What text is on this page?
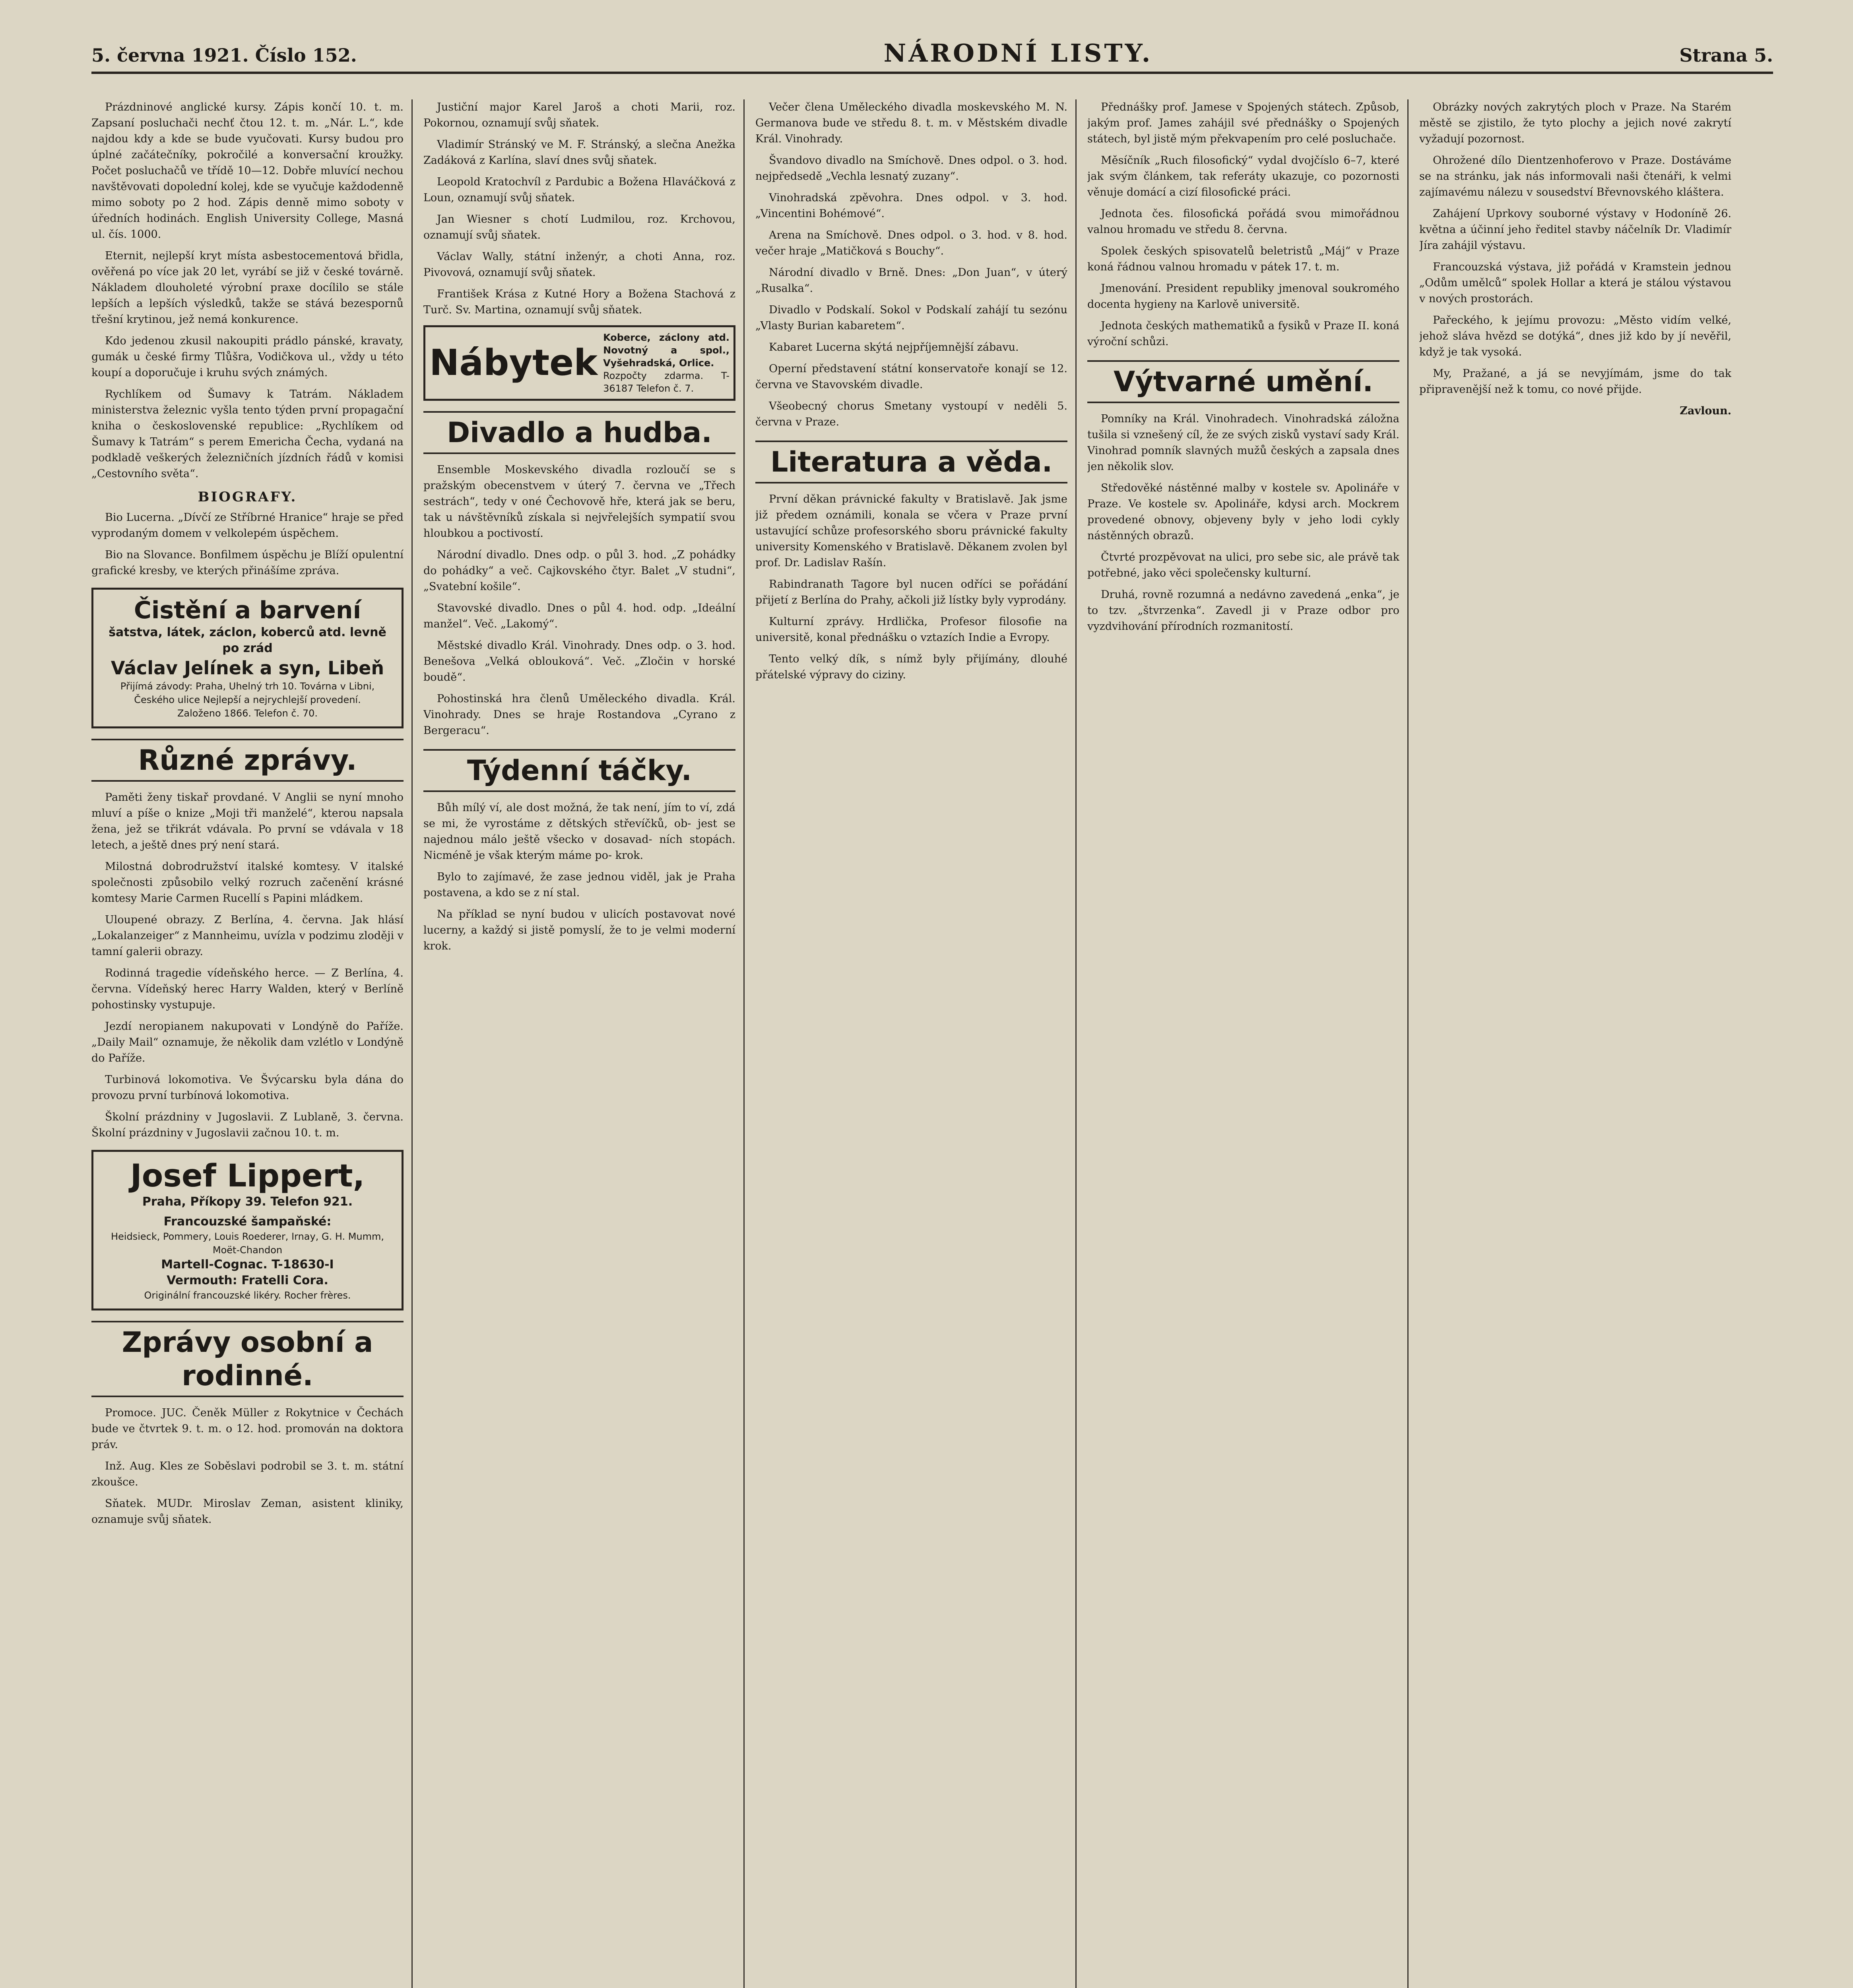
5. června 1921. Číslo 152.	NÁRODNÍ LISTY.	Strana 5.

Prázdninové anglické kursy. Zápis končí 10. t. m. Zapsaní posluchači nechť čtou 12. t. m. „Nár. L.“, kde najdou kdy a kde se bude vyučovati. Kursy budou pro úplné začátečníky, pokročilé a konversační kroužky. Počet posluchačů ve třídě 10—12. Dobře mluvící nechou navštěvovati dopolední kolej, kde se vyučuje každodenně mimo soboty po 2 hod. Zápis denně mimo soboty v úředních hodinách. English University College, Masná ul. čís. 1000.

Eternit, nejlepší kryt místa asbestocementová břidla, ověřená po více jak 20 let, vyrábí se již v české továrně. Nákladem dlouholeté výrobní praxe docílilo se stále lepších a lepších výsledků, takže se stává bezespornů třešní krytinou, jež nemá konkurence.

Kdo jedenou zkusil nakoupiti prádlo pánské, kravaty, gumák u české firmy Tlůšra, Vodičkova ul., vždy u této koupí a doporučuje i kruhu svých známých.

Rychlíkem od Šumavy k Tatrám. Nákladem ministerstva železnic vyšla tento týden první propagační kniha o československé republice: „Rychlíkem od Šumavy k Tatrám“ s perem Emericha Čecha, vydaná na podkladě veškerých železničních jízdních řádů v komisi „Cestovního světa“.

BIOGRAFY.

Bio Lucerna. „Dívčí ze Stříbrné Hranice“ hraje se před vyprodaným domem v velkolepém úspěchem.

Bio na Slovance. Bonfilmem úspěchu je Blíží opulentní grafické kresby, ve kterých přinášíme zpráva.

Čistění a barvení
šatstva, látek, záclon, koberců atd. levně po zrád
Václav Jelínek a syn, Libeň
Přijímá závody: Praha, Uhelný trh 10. Továrna v Libni, Českého ulice Nejlepší a nejrychlejší provedení.
Založeno 1866. Telefon č. 70.
Různé zprávy.

Paměti ženy tiskař provdané. V Anglii se nyní mnoho mluví a píše o knize „Moji tři manželé“, kterou napsala žena, jež se třikrát vdávala. Po první se vdávala v 18 letech, a ještě dnes prý není stará.

Milostná dobrodružství italské komtesy. V italské společnosti způsobilo velký rozruch začenění krásné komtesy Marie Carmen Rucellí s Papini mládkem.

Uloupené obrazy. Z Berlína, 4. června. Jak hlásí „Lokalanzeiger“ z Mannheimu, uvízla v podzimu zloději v tamní galerii obrazy.

Rodinná tragedie vídeňského herce. — Z Berlína, 4. června. Vídeňský herec Harry Walden, který v Berlíně pohostinsky vystupuje.

Jezdí neropianem nakupovati v Londýně do Paříže. „Daily Mail“ oznamuje, že několik dam vzlétlo v Londýně do Paříže.

Turbinová lokomotiva. Ve Švýcarsku byla dána do provozu první turbínová lokomotiva.

Školní prázdniny v Jugoslavii. Z Lublaně, 3. června. Školní prázdniny v Jugoslavii začnou 10. t. m.

Josef Lippert,
Praha, Příkopy 39. Telefon 921.
Francouzské šampaňské:
Heidsieck, Pommery, Louis Roederer, Irnay, G. H. Mumm, Moët-Chandon
Martell-Cognac. T-18630-I
Vermouth: Fratelli Cora.
Originální francouzské likéry. Rocher frères.
Zprávy osobní a rodinné.

Promoce. JUC. Čeněk Müller z Rokytnice v Čechách bude ve čtvrtek 9. t. m. o 12. hod. promován na doktora práv.

Inž. Aug. Kles ze Soběslavi podrobil se 3. t. m. státní zkoušce.

Sňatek. MUDr. Miroslav Zeman, asistent kliniky, oznamuje svůj sňatek.

Justiční major Karel Jaroš a choti Marii, roz. Pokornou, oznamují svůj sňatek.

Vladimír Stránský ve M. F. Stránský, a slečna Anežka Zadáková z Karlína, slaví dnes svůj sňatek.

Leopold Kratochvíl z Pardubic a Božena Hlaváčková z Loun, oznamují svůj sňatek.

Jan Wiesner s chotí Ludmilou, roz. Krchovou, oznamují svůj sňatek.

Václav Wally, státní inženýr, a choti Anna, roz. Pivovová, oznamují svůj sňatek.

František Krása z Kutné Hory a Božena Stachová z Turč. Sv. Martina, oznamují svůj sňatek.

Nábytek
Koberce, záclony atd. Novotný a spol., Vyšehradská, Orlice.
Rozpočty zdarma. T-36187 Telefon č. 7.
Divadlo a hudba.

Ensemble Moskevského divadla rozloučí se s pražským obecenstvem v úterý 7. června ve „Třech sestrách“, tedy v oné Čechovově hře, která jak se beru, tak u návštěvníků získala si nejvřelejších sympatií svou hloubkou a poctivostí.

Národní divadlo. Dnes odp. o půl 3. hod. „Z pohádky do pohádky“ a več. Cajkovského čtyr. Balet „V studni“, „Svatební košile“.

Stavovské divadlo. Dnes o půl 4. hod. odp. „Ideální manžel“. Več. „Lakomý“.

Městské divadlo Král. Vinohrady. Dnes odp. o 3. hod. Benešova „Velká oblouková“. Več. „Zločin v horské boudě“.

Pohostinská hra členů Uměleckého divadla. Král. Vinohrady. Dnes se hraje Rostandova „Cyrano z Bergeracu“.

Týdenní táčky.

Bůh mílý ví, ale dost možná, že tak není, jím to ví, zdá se mi, že vyrostáme z dětských střevíčků, ob- jest se najednou málo ještě všecko v dosavad- ních stopách. Nicméně je však kterým máme po- krok.

Bylo to zajímavé, že zase jednou viděl, jak je Praha postavena, a kdo se z ní stal.

Na příklad se nyní budou v ulicích postavovat nové lucerny, a každý si jistě pomyslí, že to je velmi moderní krok.

Večer člena Uměleckého divadla moskevského M. N. Germanova bude ve středu 8. t. m. v Městském divadle Král. Vinohrady.

Švandovo divadlo na Smíchově. Dnes odpol. o 3. hod. nejpředsedě „Vechla lesnatý zuzany“.

Vinohradská zpěvohra. Dnes odpol. v 3. hod. „Vincentini Bohémové“.

Arena na Smíchově. Dnes odpol. o 3. hod. v 8. hod. večer hraje „Matičková s Bouchy“.

Národní divadlo v Brně. Dnes: „Don Juan“, v úterý „Rusalka“.

Divadlo v Podskalí. Sokol v Podskalí zahájí tu sezónu „Vlasty Burian kabaretem“.

Kabaret Lucerna skýtá nejpříjemnější zábavu.

Operní představení státní konservatoře konají se 12. června ve Stavovském divadle.

Všeobecný chorus Smetany vystoupí v neděli 5. června v Praze.

Literatura a věda.

První děkan právnické fakulty v Bratislavě. Jak jsme již předem oznámili, konala se včera v Praze první ustavující schůze profesorského sboru právnické fakulty university Komenského v Bratislavě. Děkanem zvolen byl prof. Dr. Ladislav Rašín.

Rabindranath Tagore byl nucen odříci se pořádání přijetí z Berlína do Prahy, ačkoli již lístky byly vyprodány.

Kulturní zprávy. Hrdlička, Profesor filosofie na universitě, konal přednášku o vztazích Indie a Evropy.

Tento velký dík, s nímž byly přijímány, dlouhé přátelské výpravy do ciziny.

Přednášky prof. Jamese v Spojených státech. Způsob, jakým prof. James zahájil své přednášky o Spojených státech, byl jistě mým překvapením pro celé posluchače.

Měsíčník „Ruch filosofický“ vydal dvojčíslo 6–7, které jak svým článkem, tak referáty ukazuje, co pozornosti věnuje domácí a cizí filosofické práci.

Jednota čes. filosofická pořádá svou mimořádnou valnou hromadu ve středu 8. června.

Spolek českých spisovatelů beletristů „Máj“ v Praze koná řádnou valnou hromadu v pátek 17. t. m.

Jmenování. President republiky jmenoval soukromého docenta hygieny na Karlově universitě.

Jednota českých mathematiků a fysiků v Praze II. koná výroční schůzi.

Výtvarné umění.

Pomníky na Král. Vinohradech. Vinohradská záložna tušila si vznešený cíl, že ze svých zisků vystaví sady Král. Vinohrad pomník slavných mužů českých a zapsala dnes jen několik slov.

Středověké nástěnné malby v kostele sv. Apolináře v Praze. Ve kostele sv. Apolináře, kdysi arch. Mockrem provedené obnovy, objeveny byly v jeho lodi cykly nástěnných obrazů.

Čtvrté prozpěvovat na ulici, pro sebe sic, ale právě tak potřebné, jako věci společensky kulturní.

Druhá, rovně rozumná a nedávno zavedená „enka“, je to tzv. „štvrzenka“. Zavedl ji v Praze odbor pro vyzdvihování přírodních rozmanitostí.

Obrázky nových zakrytých ploch v Praze. Na Starém městě se zjistilo, že tyto plochy a jejich nové zakrytí vyžadují pozornost.

Ohrožené dílo Dientzenhoferovo v Praze. Dostáváme se na stránku, jak nás informovali naši čtenáři, k velmi zajímavému nálezu v sousedství Břevnovského kláštera.

Zahájení Uprkovy souborné výstavy v Hodoníně 26. května a účinní jeho ředitel stavby náčelník Dr. Vladimír Jíra zahájil výstavu.

Francouzská výstava, již pořádá v Kramstein jednou „Odům umělců“ spolek Hollar a která je stálou výstavou v nových prostorách.

Pařeckého, k jejímu provozu: „Město vidím velké, jehož sláva hvězd se dotýká“, dnes již kdo by jí nevěřil, když je tak vysoká.

My, Pražané, a já se nevyjímám, jsme do tak připravenější než k tomu, co nové přijde.

Zavloun.
